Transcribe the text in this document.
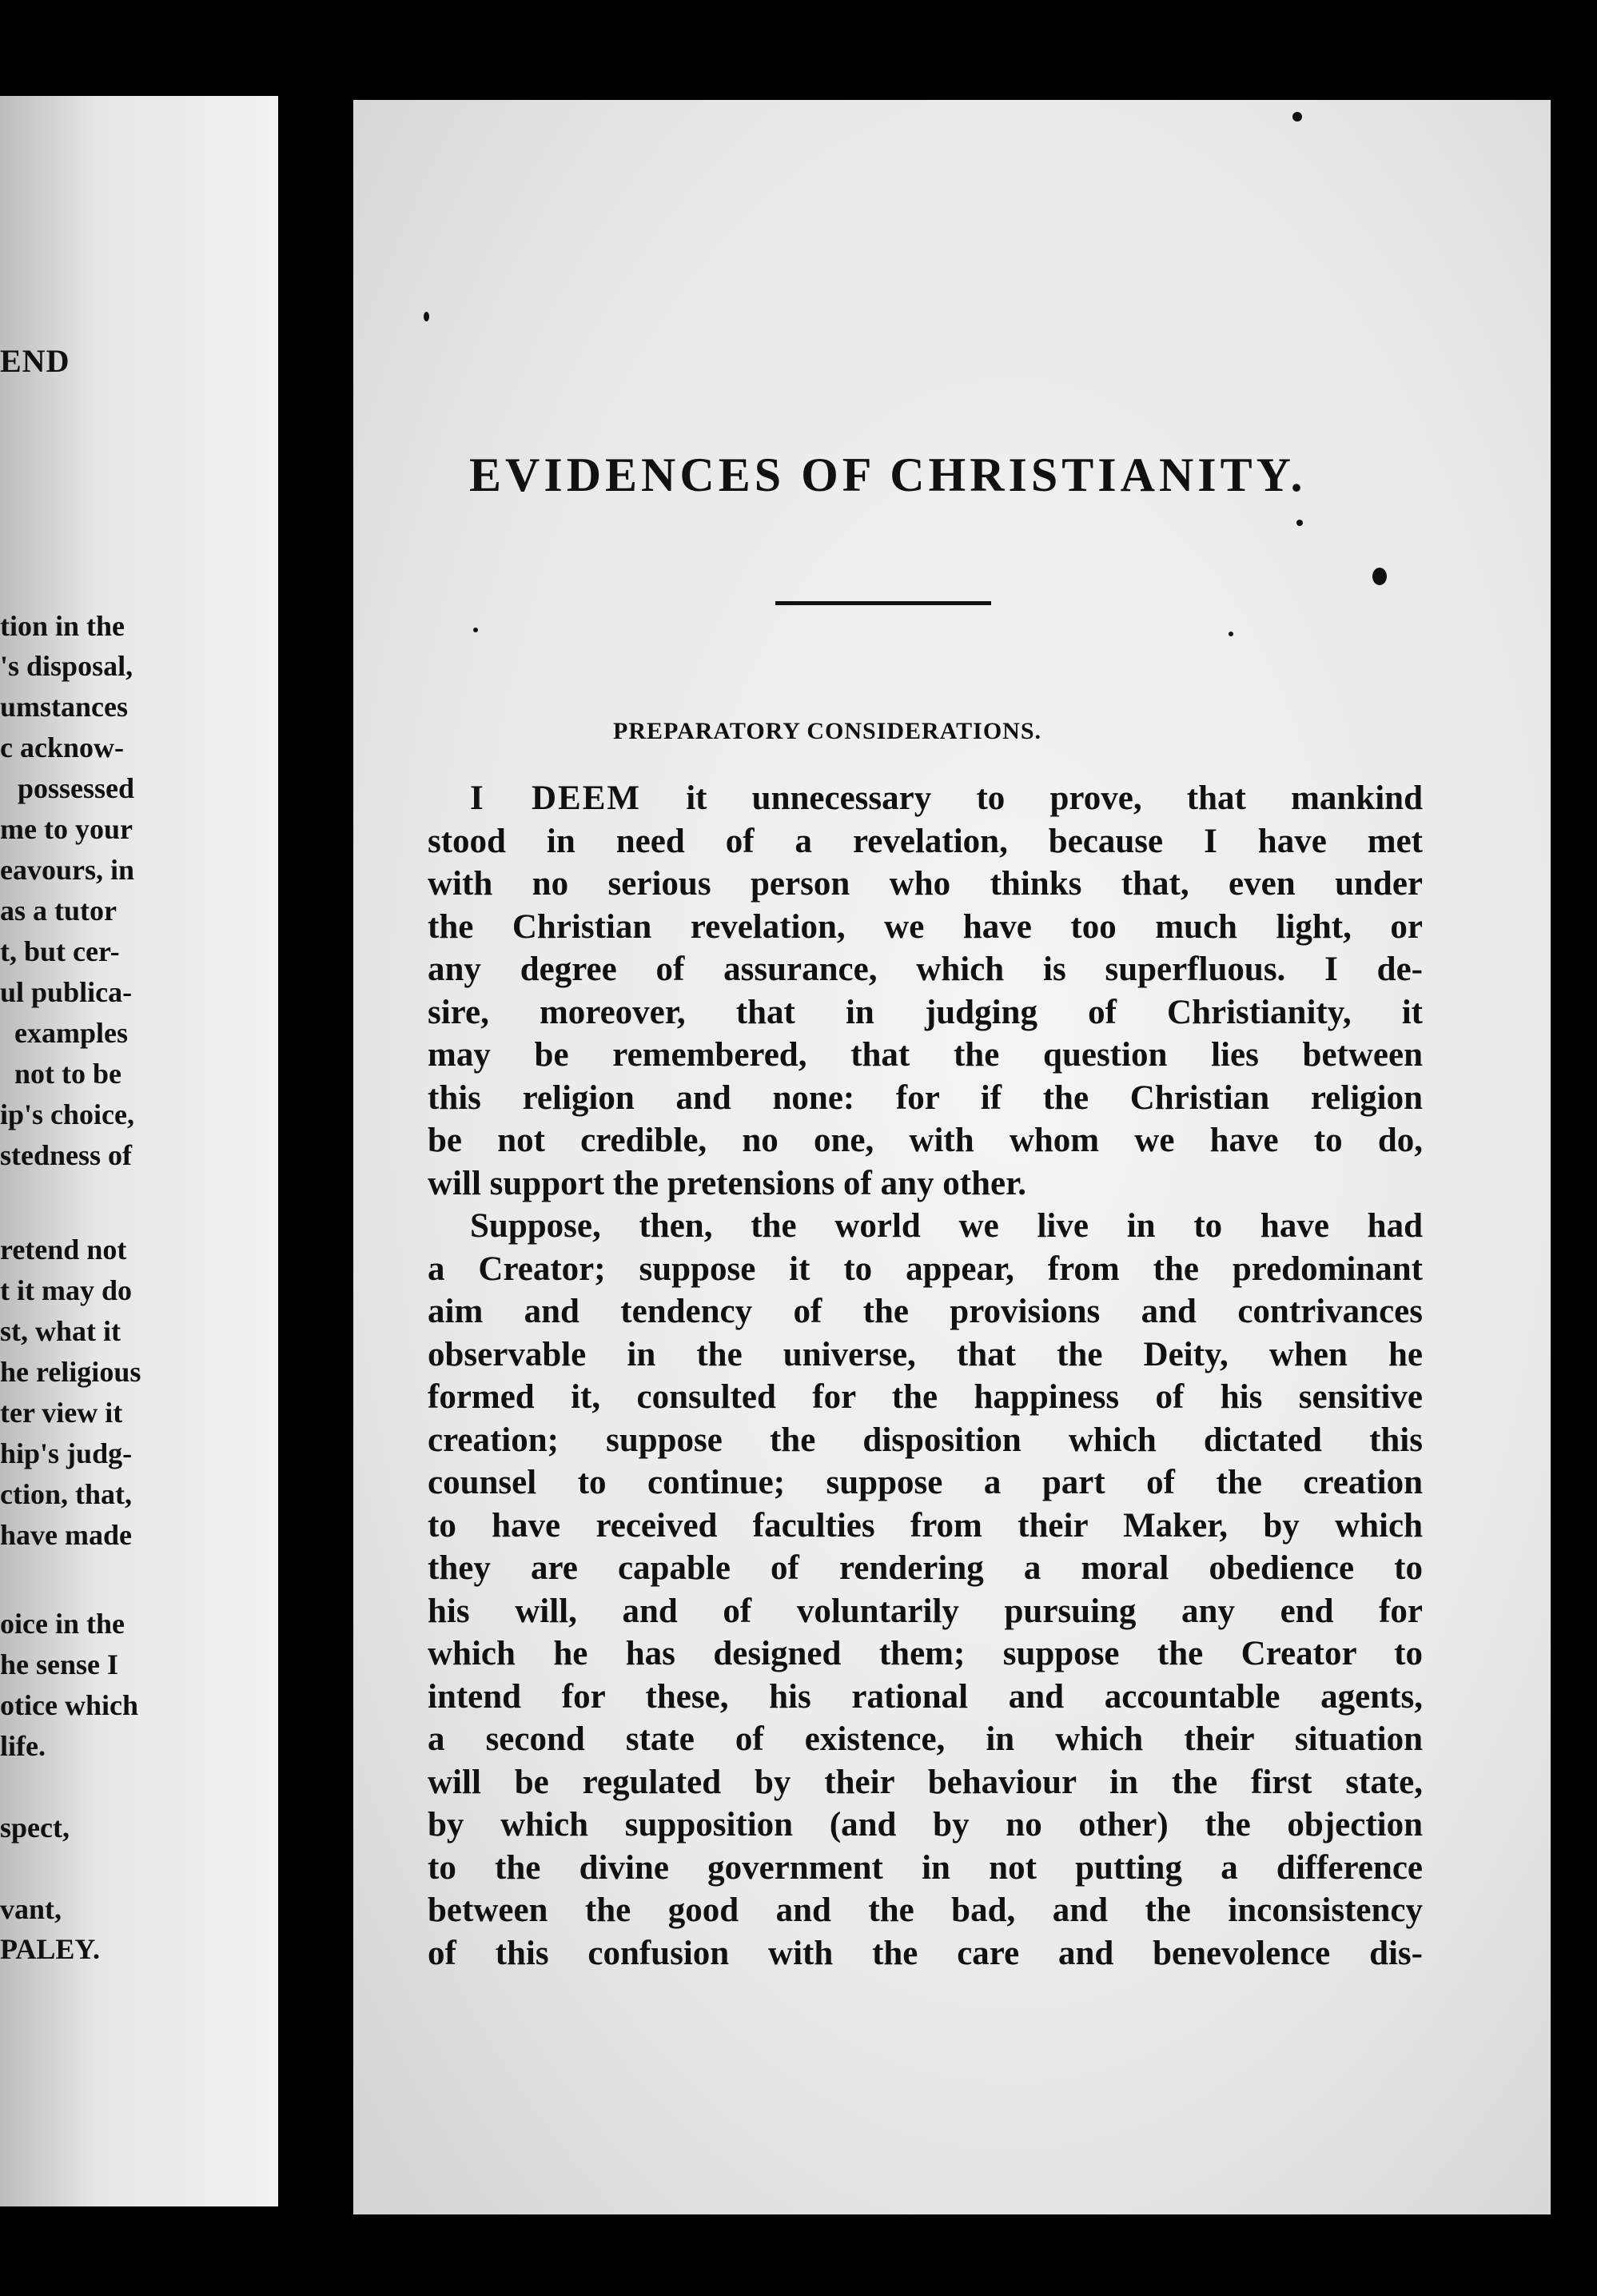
END

tion in the

's disposal,

umstances

c acknow-

possessed

me to your

eavours, in

as a tutor

t, but cer-

ul publica-

examples

not to be

ip's choice,

stedness of

retend not

t it may do

st, what it

he religious

ter view it

hip's judg-

ction, that,

have made

oice in the

he sense I

otice which

life.

spect,

vant,

PALEY.

EVIDENCES OF CHRISTIANITY.
PREPARATORY CONSIDERATIONS.

I DEEM it unnecessary to prove, that mankind

stood in need of a revelation, because I have met

with no serious person who thinks that, even under

the Christian revelation, we have too much light, or

any degree of assurance, which is superfluous. I de-

sire, moreover, that in judging of Christianity, it

may be remembered, that the question lies between

this religion and none: for if the Christian religion

be not credible, no one, with whom we have to do,

will support the pretensions of any other.

Suppose, then, the world we live in to have had

a Creator; suppose it to appear, from the predominant

aim and tendency of the provisions and contrivances

observable in the universe, that the Deity, when he

formed it, consulted for the happiness of his sensitive

creation; suppose the disposition which dictated this

counsel to continue; suppose a part of the creation

to have received faculties from their Maker, by which

they are capable of rendering a moral obedience to

his will, and of voluntarily pursuing any end for

which he has designed them; suppose the Creator to

intend for these, his rational and accountable agents,

a second state of existence, in which their situation

will be regulated by their behaviour in the first state,

by which supposition (and by no other) the objection

to the divine government in not putting a difference

between the good and the bad, and the inconsistency

of this confusion with the care and benevolence dis-
